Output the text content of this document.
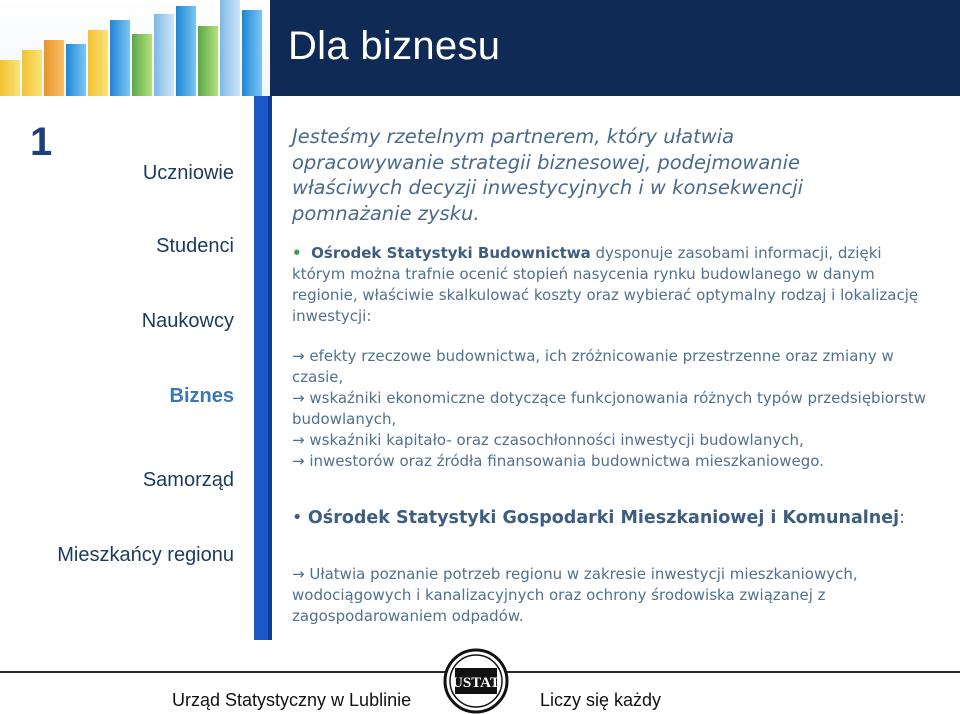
Dla biznesu
1
Uczniowie
Studenci
Naukowcy
Biznes
Samorząd
Mieszkańcy regionu
Jesteśmy rzetelnym partnerem, który ułatwia opracowywanie strategii biznesowej, podejmowanie właściwych decyzji inwestycyjnych i w konsekwencji pomnażanie zysku.
• Ośrodek Statystyki Budownictwa dysponuje zasobami informacji, dzięki którym można trafnie ocenić stopień nasycenia rynku budowlanego w danym regionie, właściwie skalkulować koszty oraz wybierać optymalny rodzaj i lokalizację inwestycji:
→ efekty rzeczowe budownictwa, ich zróżnicowanie przestrzenne oraz zmiany w czasie,
→ wskaźniki ekonomiczne dotyczące funkcjonowania różnych typów przedsiębiorstw budowlanych,
→ wskaźniki kapitało- oraz czasochłonności inwestycji budowlanych,
→ inwestorów oraz źródła finansowania budownictwa mieszkaniowego.
• Ośrodek Statystyki Gospodarki Mieszkaniowej i Komunalnej:
→ Ułatwia poznanie potrzeb regionu w zakresie inwestycji mieszkaniowych, wodociągowych i kanalizacyjnych oraz ochrony środowiska związanej z zagospodarowaniem odpadów.
Urząd Statystyczny w Lublinie
USTAT
Liczy się każdy
